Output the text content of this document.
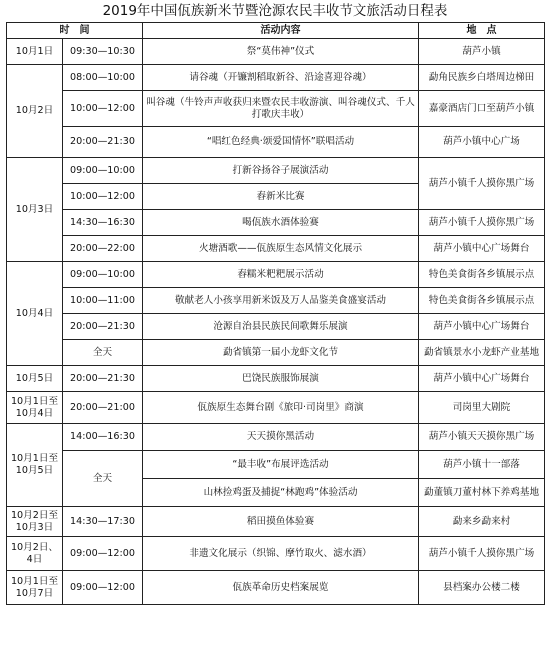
2019年中国佤族新米节暨沧源农民丰收节文旅活动日程表
时　间		活动内容	地　点
10月1日	09:30—10:30	祭“莫伟神”仪式	葫芦小镇
10月2日	08:00—10:00	请谷魂（开镰割稻取新谷、沿途喜迎谷魂）	勐角民族乡白塔周边梯田
	10:00—12:00	叫谷魂（牛铃声声收获归来暨农民丰收游演、叫谷魂仪式、千人打歌庆丰收）	嘉豪酒店门口至葫芦小镇
	20:00—21:30	“唱红色经典·颂爱国情怀”联唱活动	葫芦小镇中心广场
10月3日	09:00—10:00	打新谷扬谷子展演活动	葫芦小镇千人摸你黑广场
	10:00—12:00	舂新米比赛	
	14:30—16:30	喝佤族水酒体验赛	葫芦小镇千人摸你黑广场
	20:00—22:00	火塘酒歌——佤族原生态风情文化展示	葫芦小镇中心广场舞台
10月4日	09:00—10:00	舂糯米粑粑展示活动	特色美食街各乡镇展示点
	10:00—11:00	敬献老人小孩享用新米饭及万人品鉴美食盛宴活动	特色美食街各乡镇展示点
	20:00—21:30	沧源自治县民族民间歌舞乐展演	葫芦小镇中心广场舞台
	全天	勐省镇第一届小龙虾文化节	勐省镇景水小龙虾产业基地
10月5日	20:00—21:30	巴饶民族服饰展演	葫芦小镇中心广场舞台
10月1日至10月4日	20:00—21:00	佤族原生态舞台剧《旅印·司岗里》商演	司岗里大剧院
10月1日至10月5日	14:00—16:30	天天摸你黑活动	葫芦小镇天天摸你黑广场
	全天	“最丰收”布展评选活动	葫芦小镇十一部落
		山林捡鸡蛋及捕捉“林跑鸡”体验活动	勐董镇刀董村林下养鸡基地
10月2日至10月3日	14:30—17:30	稻田摸鱼体验赛	勐来乡勐来村
10月2日、4日	09:00—12:00	非遗文化展示（织锦、摩竹取火、滤水酒）	葫芦小镇千人摸你黑广场
10月1日至10月7日	09:00—12:00	佤族革命历史档案展览	县档案办公楼二楼
